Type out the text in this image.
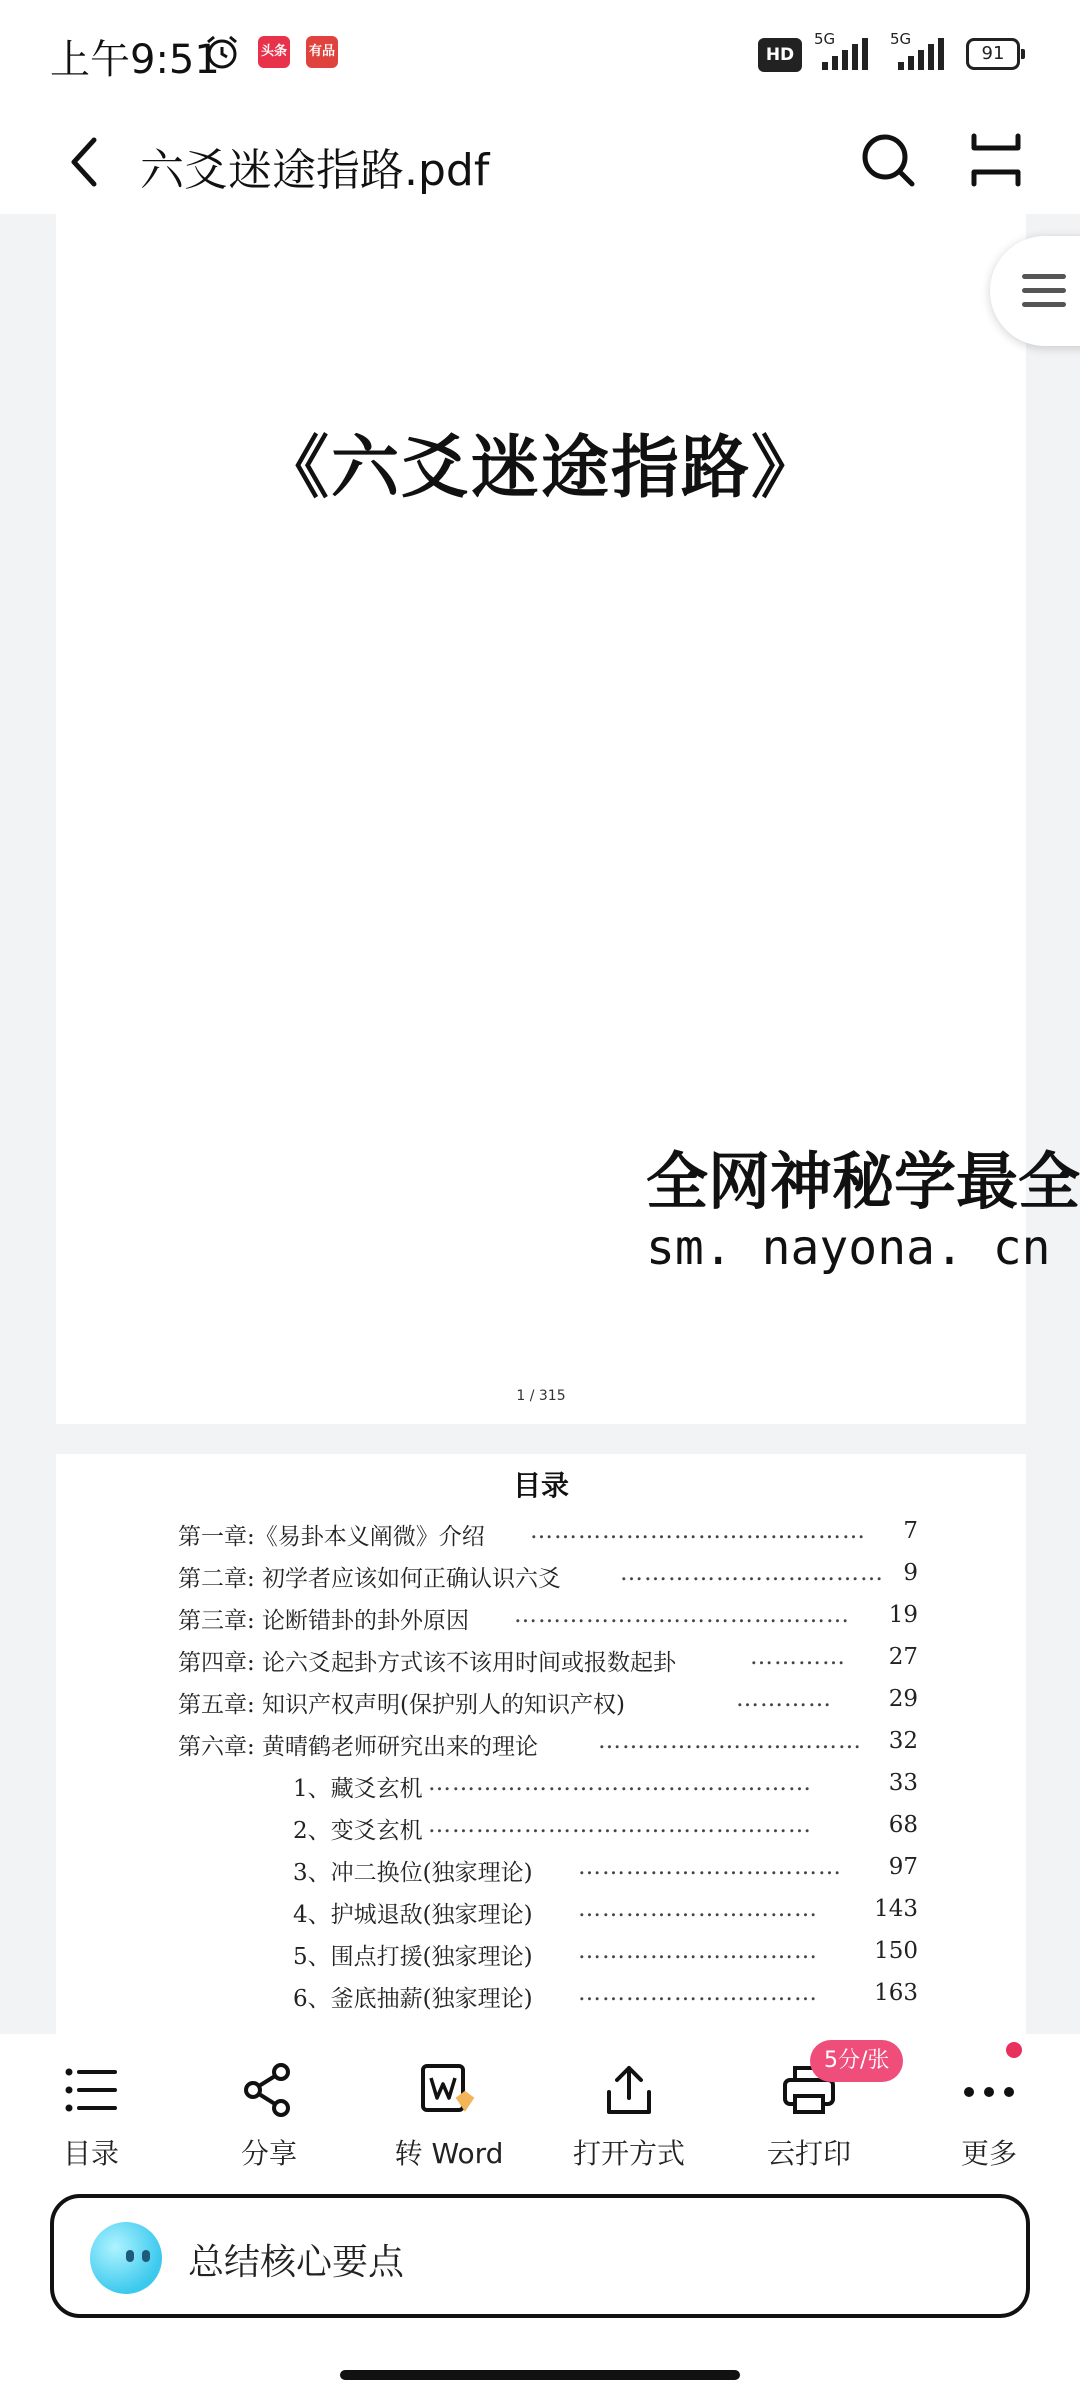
上午9:51	头条 有品	HD
5G	5G
91
六爻迷途指路.pdf
《六爻迷途指路》
全网神秘学最全
sm. nayona. cn
1 / 315
目录
第一章:《易卦本义阐微》介绍 …………………………………… 7
第二章: 初学者应该如何正确认识六爻	…………………………… 9
第三章: 论断错卦的卦外原因 …………………………………… 19
第四章: 论六爻起卦方式该不该用时间或报数起卦	………… 27
第五章: 知识产权声明(保护别人的知识产权)	………… 29
第六章: 黄晴鹤老师研究出来的理论	…………………………… 32
1、藏爻玄机 …………………………………………	33
2、变爻玄机 …………………………………………	68
3、冲二换位(独家理论) …………………………… 97
4、护城退敌(独家理论) ………………………… 143
5、围点打援(独家理论) ………………………… 150
6、釜底抽薪(独家理论) ………………………… 163
目录	分享	转 Word	打开方式	云打印	更多
5分/张
总结核心要点
